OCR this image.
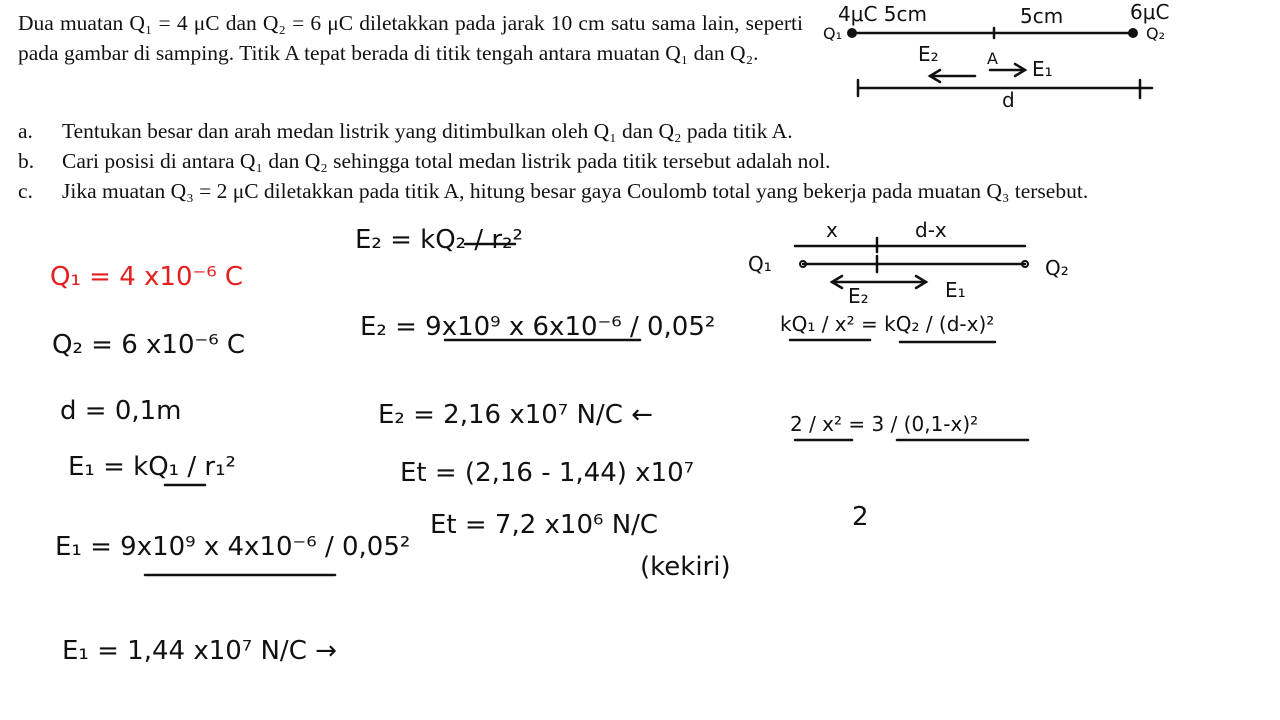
Dua muatan Q₁ = 4 μC dan Q₂ = 6 μC diletakkan pada jarak 10 cm satu sama lain, seperti pada gambar di samping. Titik A tepat berada di titik tengah antara muatan Q₁ dan Q₂.
a.	Tentukan besar dan arah medan listrik yang ditimbulkan oleh Q₁ dan Q₂ pada titik A.
b.	Cari posisi di antara Q₁ dan Q₂ sehingga total medan listrik pada titik tersebut adalah nol.
c.	Jika muatan Q₃ = 2 μC diletakkan pada titik A, hitung besar gaya Coulomb total yang bekerja pada muatan Q₃ tersebut.
Q₁	Q₂
A
4μC 5cm	5cm	6μC
E₂
E₁
d
Q₁ = 4 x10⁻⁶ C
Q₂ = 6 x10⁻⁶ C
d = 0,1m
E₁ = kQ₁ / r₁²
E₁ = 9x10⁹ x 4x10⁻⁶ / 0,05²
E₁ = 1,44 x10⁷ N/C →
E₂ = kQ₂ / r₂²
E₂ = 9x10⁹ x 6x10⁻⁶ / 0,05²
E₂ = 2,16 x10⁷ N/C ←
Et = (2,16 - 1,44) x10⁷
Et = 7,2 x10⁶ N/C
(kekiri)
x	d-x
Q₁	Q₂
E₂	E₁
kQ₁ / x² = kQ₂ / (d-x)²
2 / x² = 3 / (0,1-x)²
2
